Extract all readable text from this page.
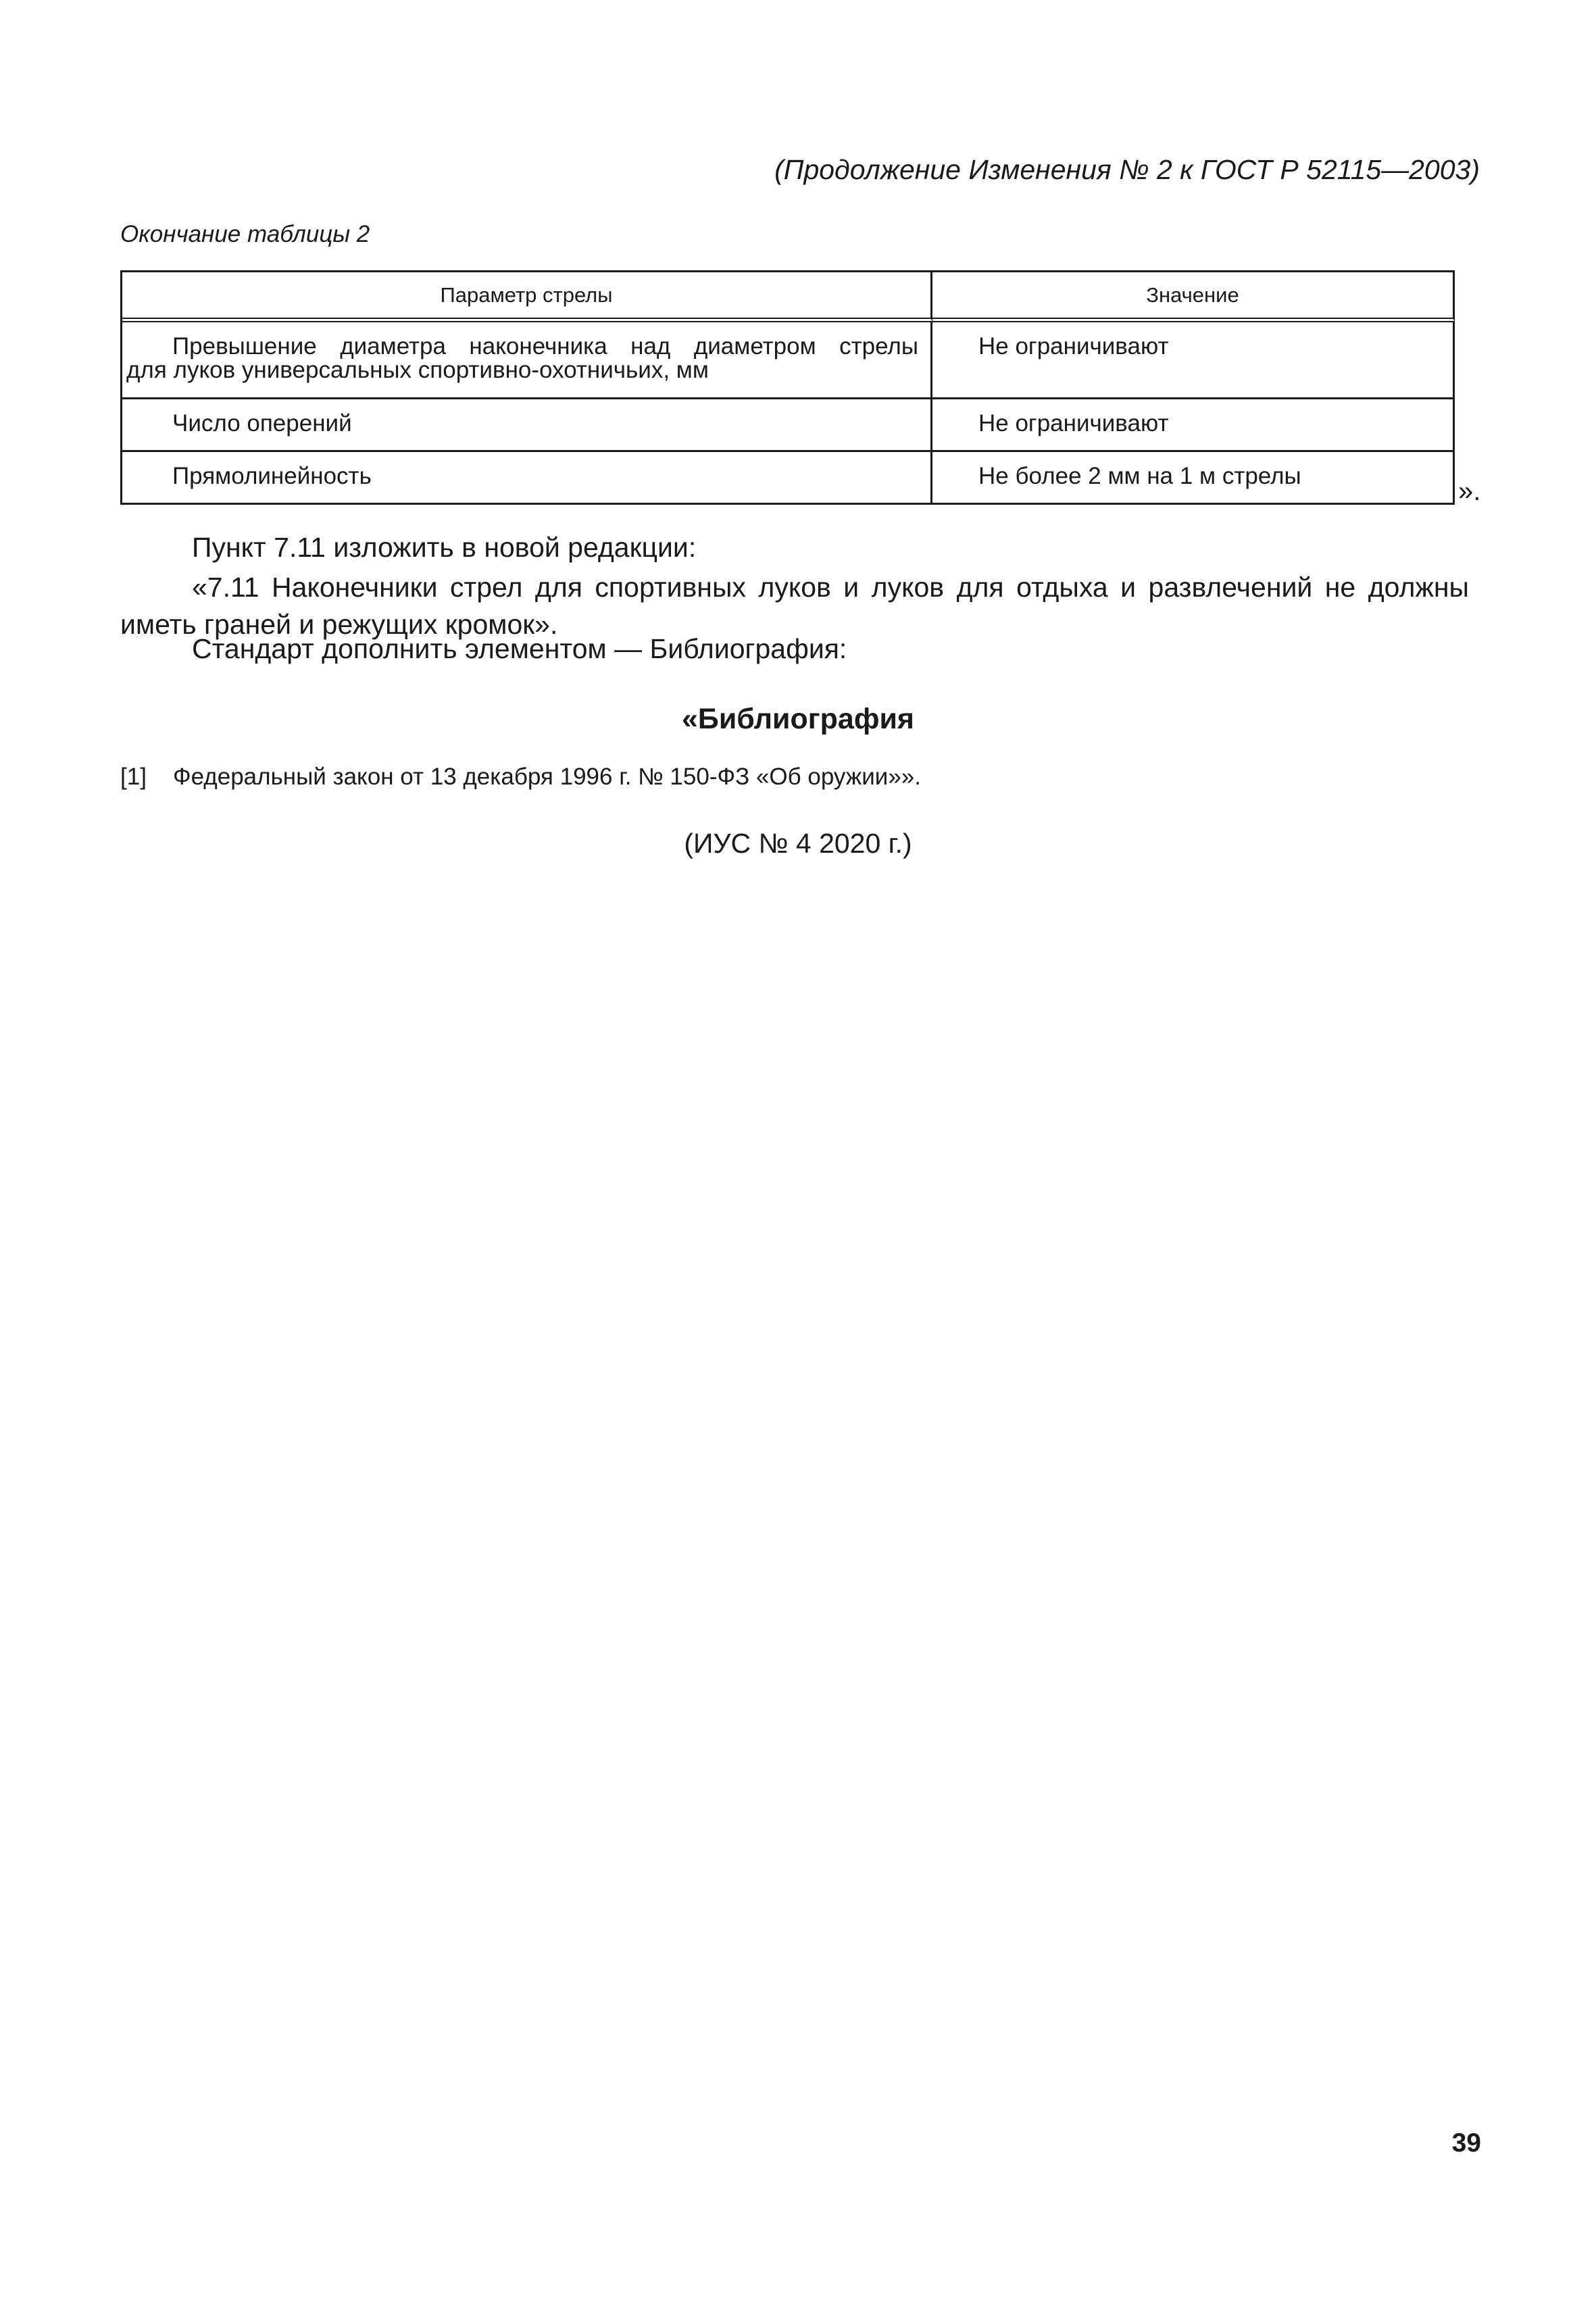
(Продолжение Изменения № 2 к ГОСТ Р 52115—2003)
Окончание таблицы 2
Параметр стрелы	Значение

Превышение диаметра наконечника над диаметром стрелы
для луков универсальных спортивно-охотничьих, мм	Не ограничивают
Число оперений	Не ограничивают
Прямолинейность	Не более 2 мм на 1 м стрелы
».
Пункт 7.11 изложить в новой редакции:
«7.11 Наконечники стрел для спортивных луков и луков для отдыха и развлечений не должны иметь граней и режущих кромок».
Стандарт дополнить элементом — Библиография:
«Библиография
[1] Федеральный закон от 13 декабря 1996 г. № 150-ФЗ «Об оружии»».
(ИУС № 4 2020 г.)
39
